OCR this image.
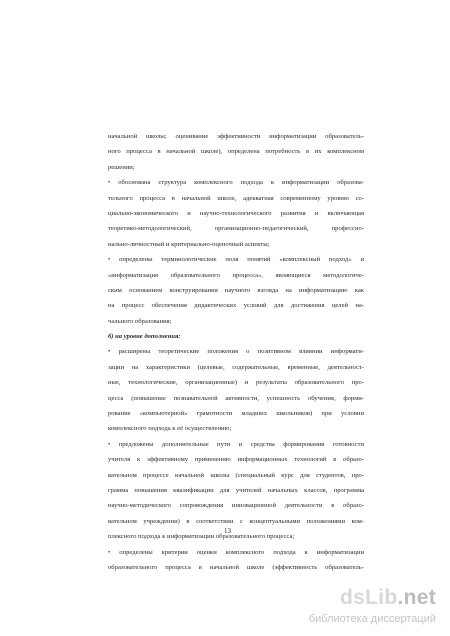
начальной школы; оценивание эффективности информатизации образователь-
ного процесса в начальной школе), определена потребность в их комплексном
решении;
• обоснована структура комплексного подхода к информатизации образова-
тельного процесса в начальной школе, адекватная современному уровню со-
циально-экономического и научно-технологического развития и включающая
теоретико-методологический, организационно-педагогический, профессио-
нально-личностный и критериально-оценочный аспекты;
• определены терминологические поля понятий «комплексный подход» и
«информатизация образовательного процесса», являющиеся методологиче-
ским основанием конструирования научного взгляда на информатизацию как
на процесс обеспечения дидактических условий для достижения целей на-
чального образования;
б) на уровне дополнения:
• расширены теоретические положения о позитивном влиянии информати-
зации на характеристики (целевые, содержательные, временные, деятельност-
ные, технологические, организационные) и результаты образовательного про-
цесса (повышение познавательной активности, успешность обучения, форми-
рование «компьютерной» грамотности младших школьников) при условии
комплексного подхода к её осуществлению;
• предложены дополнительные пути и средства формирования готовности
учителя к эффективному применению информационных технологий в образо-
вательном процессе начальной школы (специальный курс для студентов, про-
грамма повышения квалификации для учителей начальных классов, программа
научно-методического сопровождения инновационной деятельности в образо-
вательном учреждении) в соответствии с концептуальными положениями ком-
плексного подхода к информатизации образовательного процесса;
• определены критерии оценки комплексного подхода к информатизации
образовательного процесса в начальной школе (эффективность образователь-
13
dsLib.net
библиотека диссертаций
